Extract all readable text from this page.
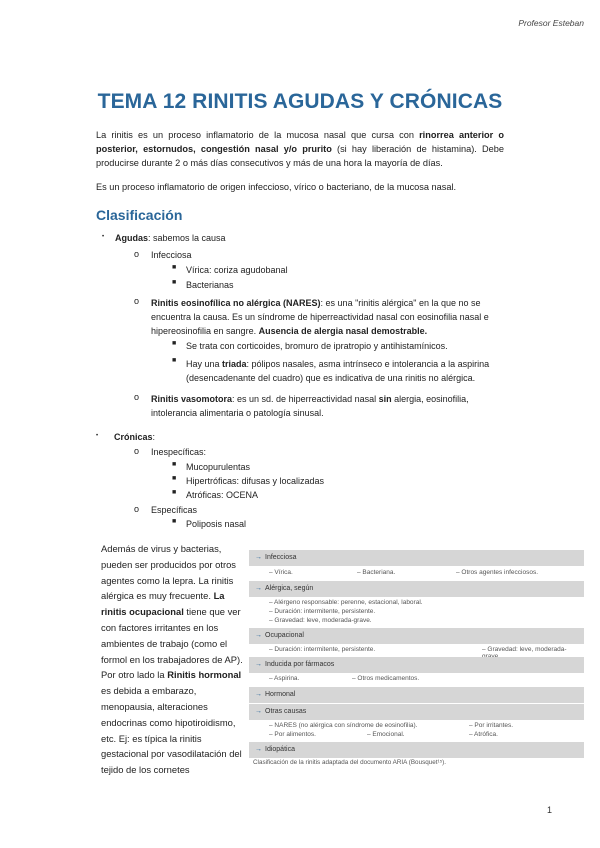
Profesor Esteban
TEMA 12 RINITIS AGUDAS Y CRÓNICAS
La rinitis es un proceso inflamatorio de la mucosa nasal que cursa con rinorrea anterior o posterior, estornudos, congestión nasal y/o prurito (si hay liberación de histamina). Debe producirse durante 2 o más días consecutivos y más de una hora la mayoría de días.
Es un proceso inflamatorio de origen infeccioso, vírico o bacteriano, de la mucosa nasal.
Clasificación
• Agudas: sabemos la causa
o Infecciosa
■ Vírica: coriza agudobanal
■ Bacterianas
o Rinitis eosinofílica no alérgica (NARES): es una "rinitis alérgica" en la que no se
encuentra la causa. Es un síndrome de hiperreactividad nasal con eosinofilia nasal e
hipereosinofilia en sangre. Ausencia de alergia nasal demostrable.
■ Se trata con corticoides, bromuro de ipratropio y antihistamínicos.
■ Hay una triada: pólipos nasales, asma intrínseco e intolerancia a la aspirina
(desencadenante del cuadro) que es indicativa de una rinitis no alérgica.
o Rinitis vasomotora: es un sd. de hiperreactividad nasal sin alergia, eosinofilia,
intolerancia alimentaria o patología sinusal.
• Crónicas:
o Inespecíficas:
■ Mucopurulentas
■ Hipertróficas: difusas y localizadas
■ Atróficas: OCENA
o Específicas
■ Poliposis nasal
Además de virus y bacterias, pueden ser producidos por otros agentes como la lepra. La rinitis alérgica es muy frecuente. La rinitis ocupacional tiene que ver con factores irritantes en los ambientes de trabajo (como el formol en los trabajadores de AP). Por otro lado la Rinitis hormonal es debida a embarazo, menopausia, alteraciones endocrinas como hipotiroidismo, etc. Ej: es típica la rinitis gestacional por vasodilatación del tejido de los cornetes
→ Infecciosa
– Vírica.	– Bacteriana.	– Otros agentes infecciosos.
→ Alérgica, según
– Alérgeno responsable: perenne, estacional, laboral.
– Duración: intermitente, persistente.
– Gravedad: leve, moderada-grave.
→ Ocupacional
– Duración: intermitente, persistente.	– Gravedad: leve, moderada-
→ Inducida por fármacos
– Aspirina.	– Otros medicamentos.
→ Hormonal
→ Otras causas
– NARES (no alérgica con síndrome de eosinofilia).	– Por irritantes.
– Por alimentos.	– Emocional.	– Atrófica.
→ Idiopática
Clasificación de la rinitis adaptada del documento ARIA (Bousquet¹⁵).
1
